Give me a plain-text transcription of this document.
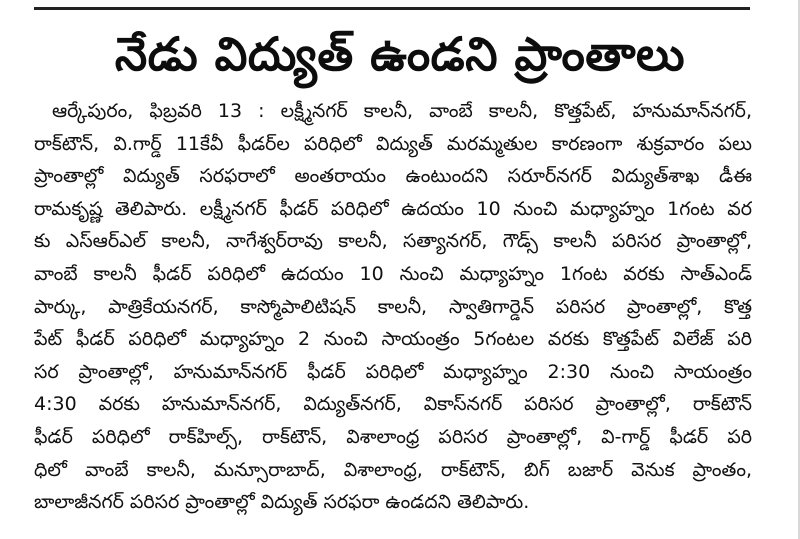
నేడు విద్యుత్ ఉండని ప్రాంతాలు
ఆర్కేపురం, ఫిబ్రవరి 13 : లక్ష్మీనగర్ కాలనీ, వాంబే కాలనీ, కొత్తపేట్, హనుమాన్‌నగర్,
రాక్‌టౌన్, వి.గార్డ్ 11కేవీ ఫీడర్‌ల పరిధిలో విద్యుత్ మరమ్మతుల కారణంగా శుక్రవారం పలు
ప్రాంతాల్లో విద్యుత్ సరఫరాలో అంతరాయం ఉంటుందని సరూర్‌నగర్ విద్యుత్‌శాఖ డీఈ
రామకృష్ణ తెలిపారు. లక్ష్మీనగర్ ఫీడర్ పరిధిలో ఉదయం 10 నుంచి మధ్యాహ్నం 1గంట వర
కు ఎస్‌ఆర్‌ఎల్ కాలనీ, నాగేశ్వర్‌రావు కాలనీ, సత్యానగర్, గౌడ్స్ కాలనీ పరిసర ప్రాంతాల్లో,
వాంబే కాలనీ ఫీడర్ పరిధిలో ఉదయం 10 నుంచి మధ్యాహ్నం 1గంట వరకు సాత్‌ఎండ్
పార్కు, పాత్రికేయనగర్, కాస్మోపాలిటిషన్ కాలనీ, స్వాతిగార్డెన్ పరిసర ప్రాంతాల్లో, కొత్త
పేట్ ఫీడర్ పరిధిలో మధ్యాహ్నం 2 నుంచి సాయంత్రం 5గంటల వరకు కొత్తపేట్ విలేజ్ పరి
సర ప్రాంతాల్లో, హనుమాన్‌నగర్ ఫీడర్ పరిధిలో మధ్యాహ్నం 2:30 నుంచి సాయంత్రం
4:30 వరకు హనుమాన్‌నగర్, విద్యుత్‌నగర్, వికాస్‌నగర్ పరిసర ప్రాంతాల్లో, రాక్‌టౌన్
ఫీడర్ పరిధిలో రాక్‌హిల్స్, రాక్‌టౌన్, విశాలాంధ్ర పరిసర ప్రాంతాల్లో, వి-గార్డ్ ఫీడర్ పరి
ధిలో వాంబే కాలనీ, మన్సూరాబాద్, విశాలాంధ్ర, రాక్‌టౌన్, బిగ్ బజార్ వెనుక ప్రాంతం,
బాలాజీనగర్ పరిసర ప్రాంతాల్లో విద్యుత్ సరఫరా ఉండదని తెలిపారు.
